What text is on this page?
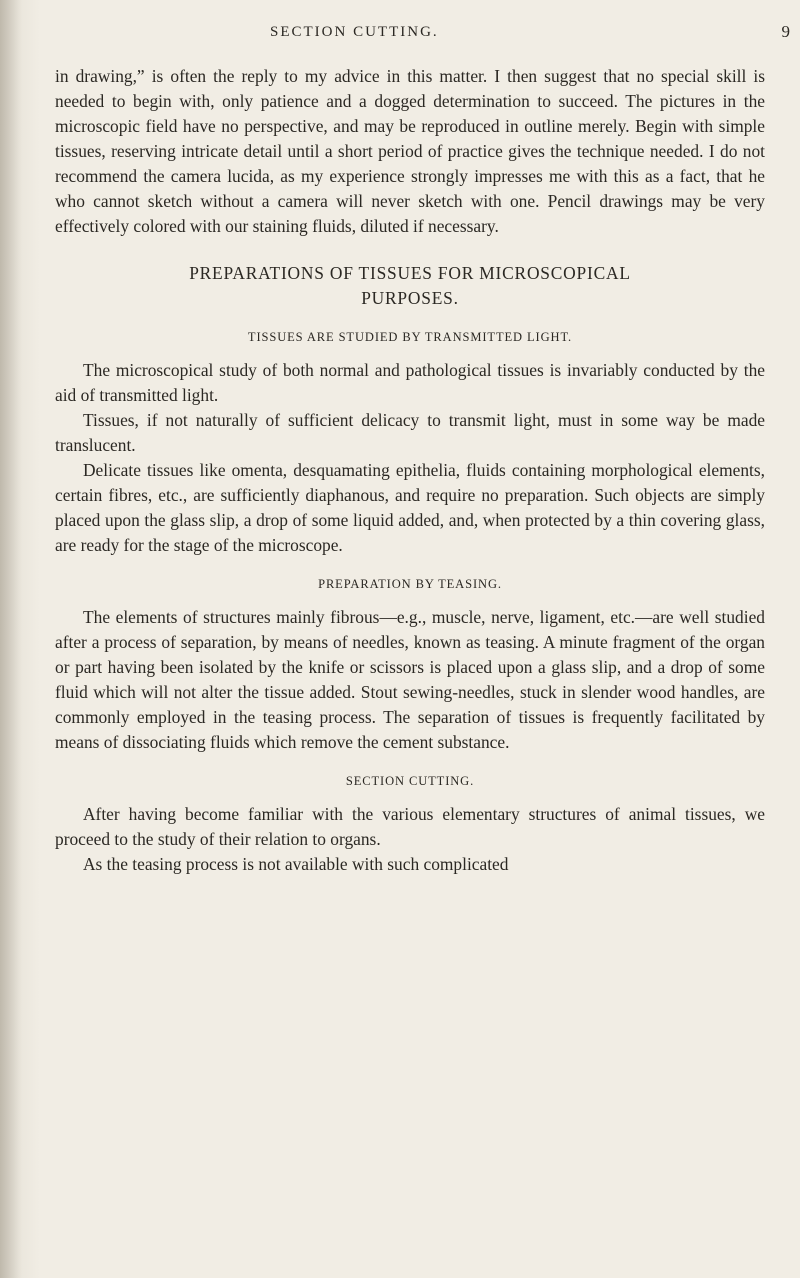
SECTION CUTTING.	9

in drawing,” is often the reply to my advice in this matter. I then suggest that no special skill is needed to begin with, only patience and a dogged determination to succeed. The pictures in the microscopic field have no perspective, and may be reproduced in outline merely. Begin with simple tissues, reserving intricate detail until a short period of practice gives the technique needed. I do not recommend the camera lucida, as my experience strongly impresses me with this as a fact, that he who cannot sketch without a camera will never sketch with one. Pencil drawings may be very effectively colored with our staining fluids, diluted if necessary.

PREPARATIONS OF TISSUES FOR MICROSCOPICAL

PURPOSES.

TISSUES ARE STUDIED BY TRANSMITTED LIGHT.

The microscopical study of both normal and pathological tissues is invariably conducted by the aid of transmitted light.

Tissues, if not naturally of sufficient delicacy to transmit light, must in some way be made translucent.

Delicate tissues like omenta, desquamating epithelia, fluids containing morphological elements, certain fibres, etc., are sufficiently diaphanous, and require no preparation. Such objects are simply placed upon the glass slip, a drop of some liquid added, and, when protected by a thin covering glass, are ready for the stage of the microscope.

PREPARATION BY TEASING.

The elements of structures mainly fibrous—e.g., muscle, nerve, ligament, etc.—are well studied after a process of separation, by means of needles, known as teasing. A minute fragment of the organ or part having been isolated by the knife or scissors is placed upon a glass slip, and a drop of some fluid which will not alter the tissue added. Stout sewing-needles, stuck in slender wood handles, are commonly employed in the teasing process. The separation of tissues is frequently facilitated by means of dissociating fluids which remove the cement substance.

SECTION CUTTING.

After having become familiar with the various elementary structures of animal tissues, we proceed to the study of their relation to organs.

As the teasing process is not available with such complicated
